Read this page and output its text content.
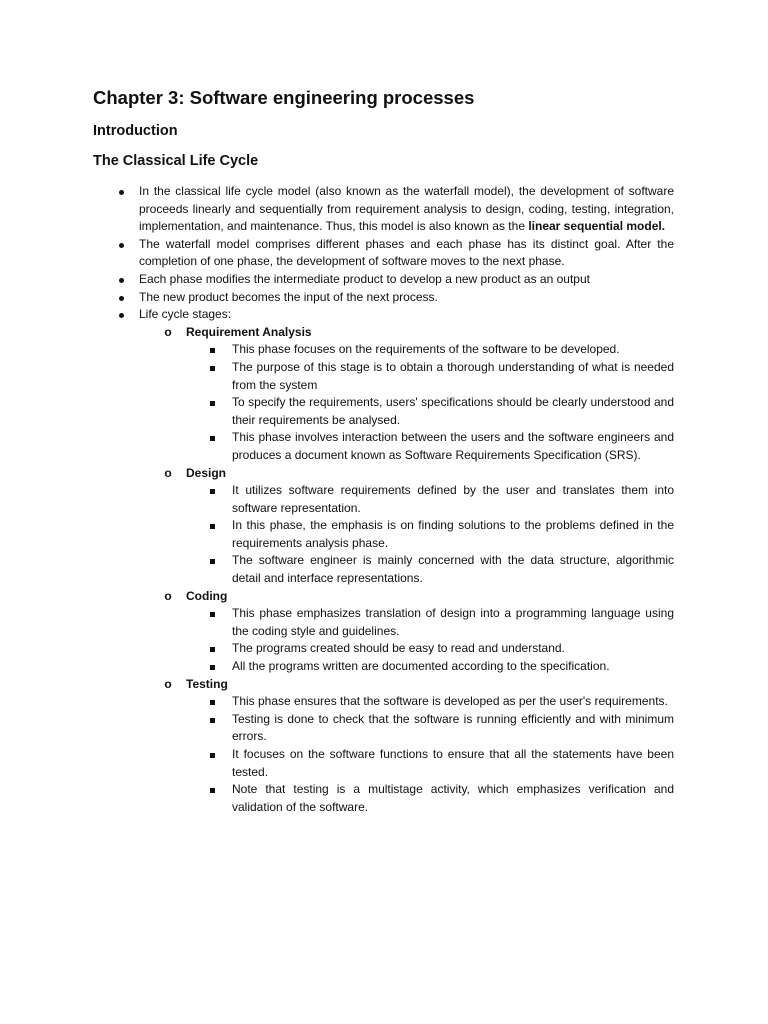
Chapter 3: Software engineering processes
Introduction
The Classical Life Cycle
In the classical life cycle model (also known as the waterfall model), the development of software proceeds linearly and sequentially from requirement analysis to design, coding, testing, integration, implementation, and maintenance. Thus, this model is also known as the linear sequential model.
The waterfall model comprises different phases and each phase has its distinct goal. After the completion of one phase, the development of software moves to the next phase.
Each phase modifies the intermediate product to develop a new product as an output
The new product becomes the input of the next process.
Life cycle stages:
o Requirement Analysis
This phase focuses on the requirements of the software to be developed.
The purpose of this stage is to obtain a thorough understanding of what is needed from the system
To specify the requirements, users' specifications should be clearly understood and their requirements be analysed.
This phase involves interaction between the users and the software engineers and produces a document known as Software Requirements Specification (SRS).
o Design
It utilizes software requirements defined by the user and translates them into software representation.
In this phase, the emphasis is on finding solutions to the problems defined in the requirements analysis phase.
The software engineer is mainly concerned with the data structure, algorithmic detail and interface representations.
o Coding
This phase emphasizes translation of design into a programming language using the coding style and guidelines.
The programs created should be easy to read and understand.
All the programs written are documented according to the specification.
o Testing
This phase ensures that the software is developed as per the user's requirements.
Testing is done to check that the software is running efficiently and with minimum errors.
It focuses on the software functions to ensure that all the statements have been tested.
Note that testing is a multistage activity, which emphasizes verification and validation of the software.
